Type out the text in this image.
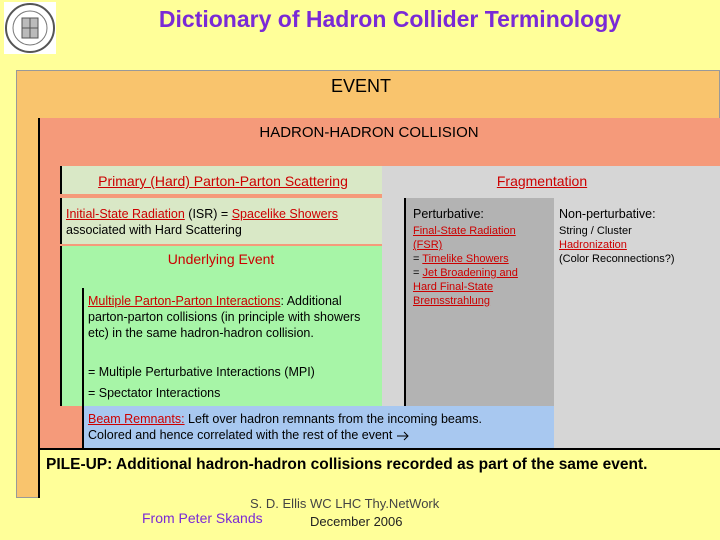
Dictionary of Hadron Collider Terminology
EVENT
HADRON-HADRON COLLISION
Primary (Hard) Parton-Parton Scattering
Initial-State Radiation (ISR) = Spacelike Showers
associated with Hard Scattering
Underlying Event
Multiple Parton-Parton Interactions: Additional parton-parton collisions (in principle with showers etc) in the same hadron-hadron collision.
= Multiple Perturbative Interactions (MPI)
= Spectator Interactions
Fragmentation
Perturbative:
Final-State Radiation (FSR)
= Timelike Showers
= Jet Broadening and Hard Final-State Bremsstrahlung
Non-perturbative:
String / Cluster
Hadronization
(Color Reconnections?)
Beam Remnants: Left over hadron remnants from the incoming beams.
Colored and hence correlated with the rest of the event
PILE-UP: Additional hadron-hadron collisions recorded as part of the same event.
S. D. Ellis WC LHC Thy.NetWork
From Peter Skands	December 2006
